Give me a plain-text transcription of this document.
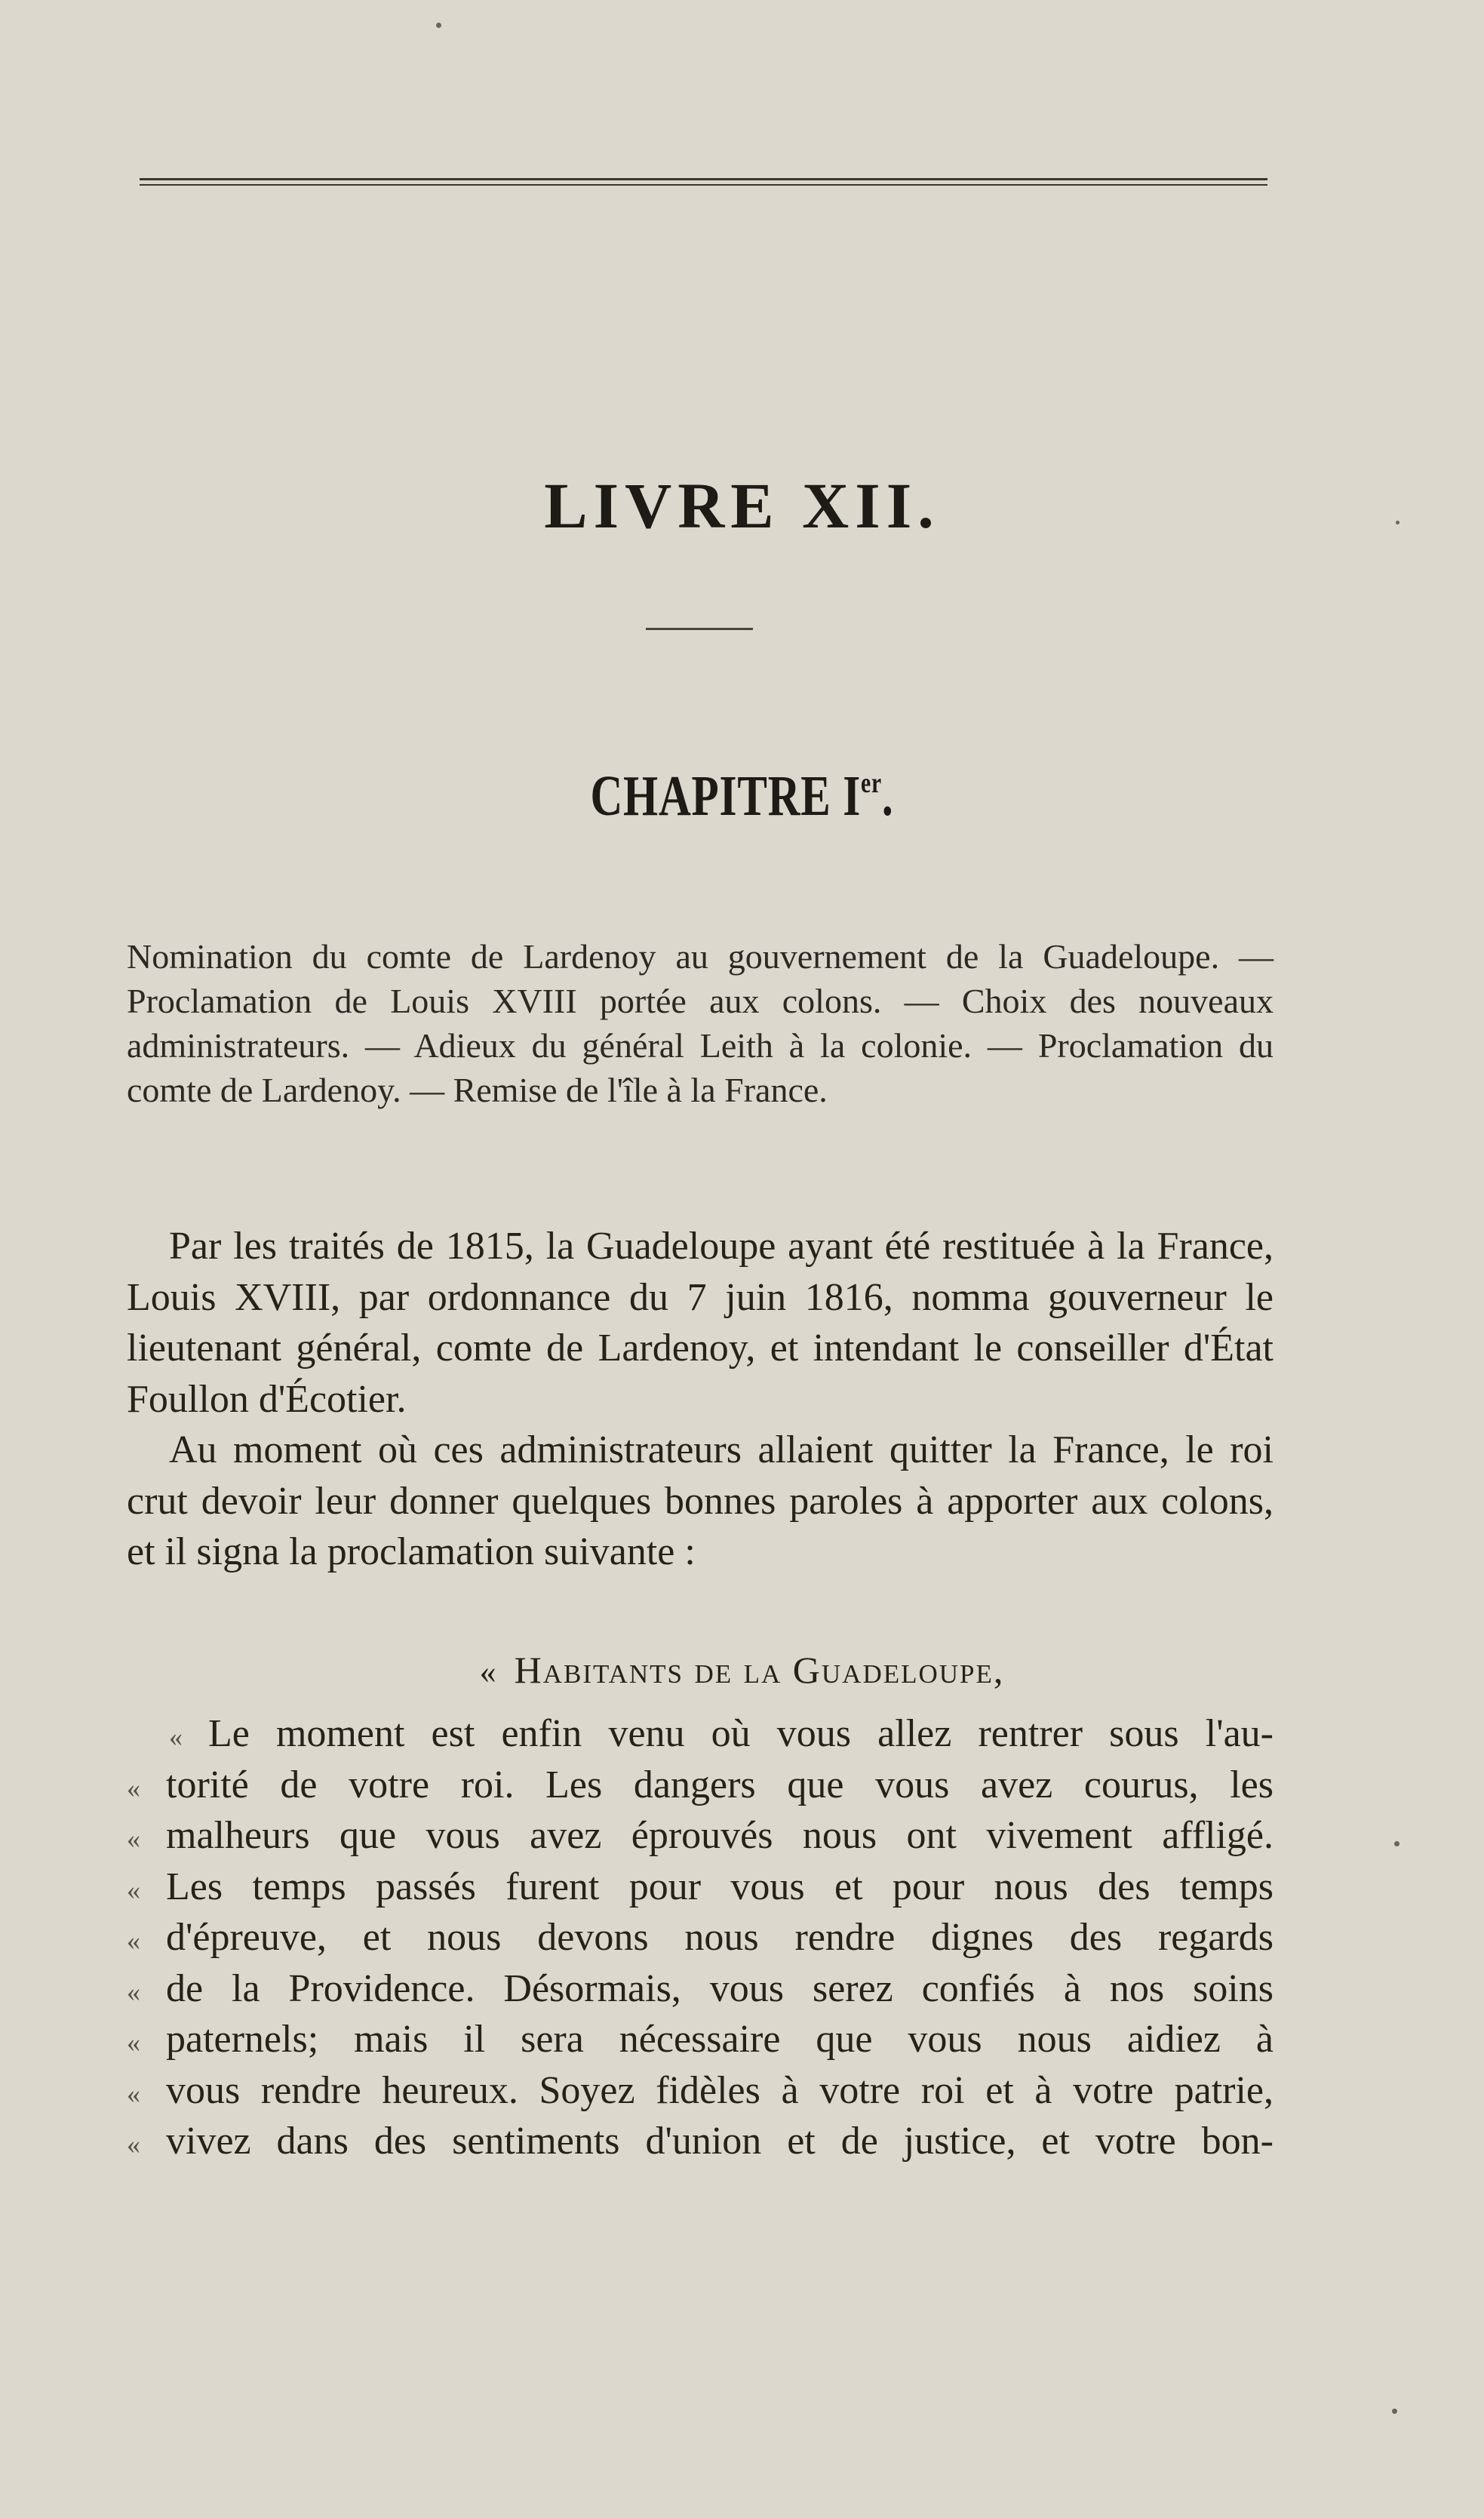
LIVRE XII.
CHAPITRE Ier.
Nomination du comte de Lardenoy au gouvernement de la Guadeloupe. — Proclamation de Louis XVIII portée aux colons. — Choix des nouveaux administrateurs. — Adieux du général Leith à la colonie. — Proclamation du comte de Lardenoy. — Remise de l'île à la France.

Par les traités de 1815, la Guadeloupe ayant été restituée à la France, Louis XVIII, par ordonnance du 7 juin 1816, nomma gouverneur le lieutenant général, comte de Lardenoy, et intendant le conseiller d'État Foullon d'Écotier.

Au moment où ces administrateurs allaient quitter la France, le roi crut devoir leur donner quelques bonnes paroles à apporter aux colons, et il signa la proclamation suivante :

« Habitants de la Guadeloupe,
« Le moment est enfin venu où vous allez rentrer sous l'au-
« torité de votre roi. Les dangers que vous avez courus, les
« malheurs que vous avez éprouvés nous ont vivement affligé.
« Les temps passés furent pour vous et pour nous des temps
« d'épreuve, et nous devons nous rendre dignes des regards
« de la Providence. Désormais, vous serez confiés à nos soins
« paternels; mais il sera nécessaire que vous nous aidiez à
« vous rendre heureux. Soyez fidèles à votre roi et à votre patrie,
« vivez dans des sentiments d'union et de justice, et votre bon-
